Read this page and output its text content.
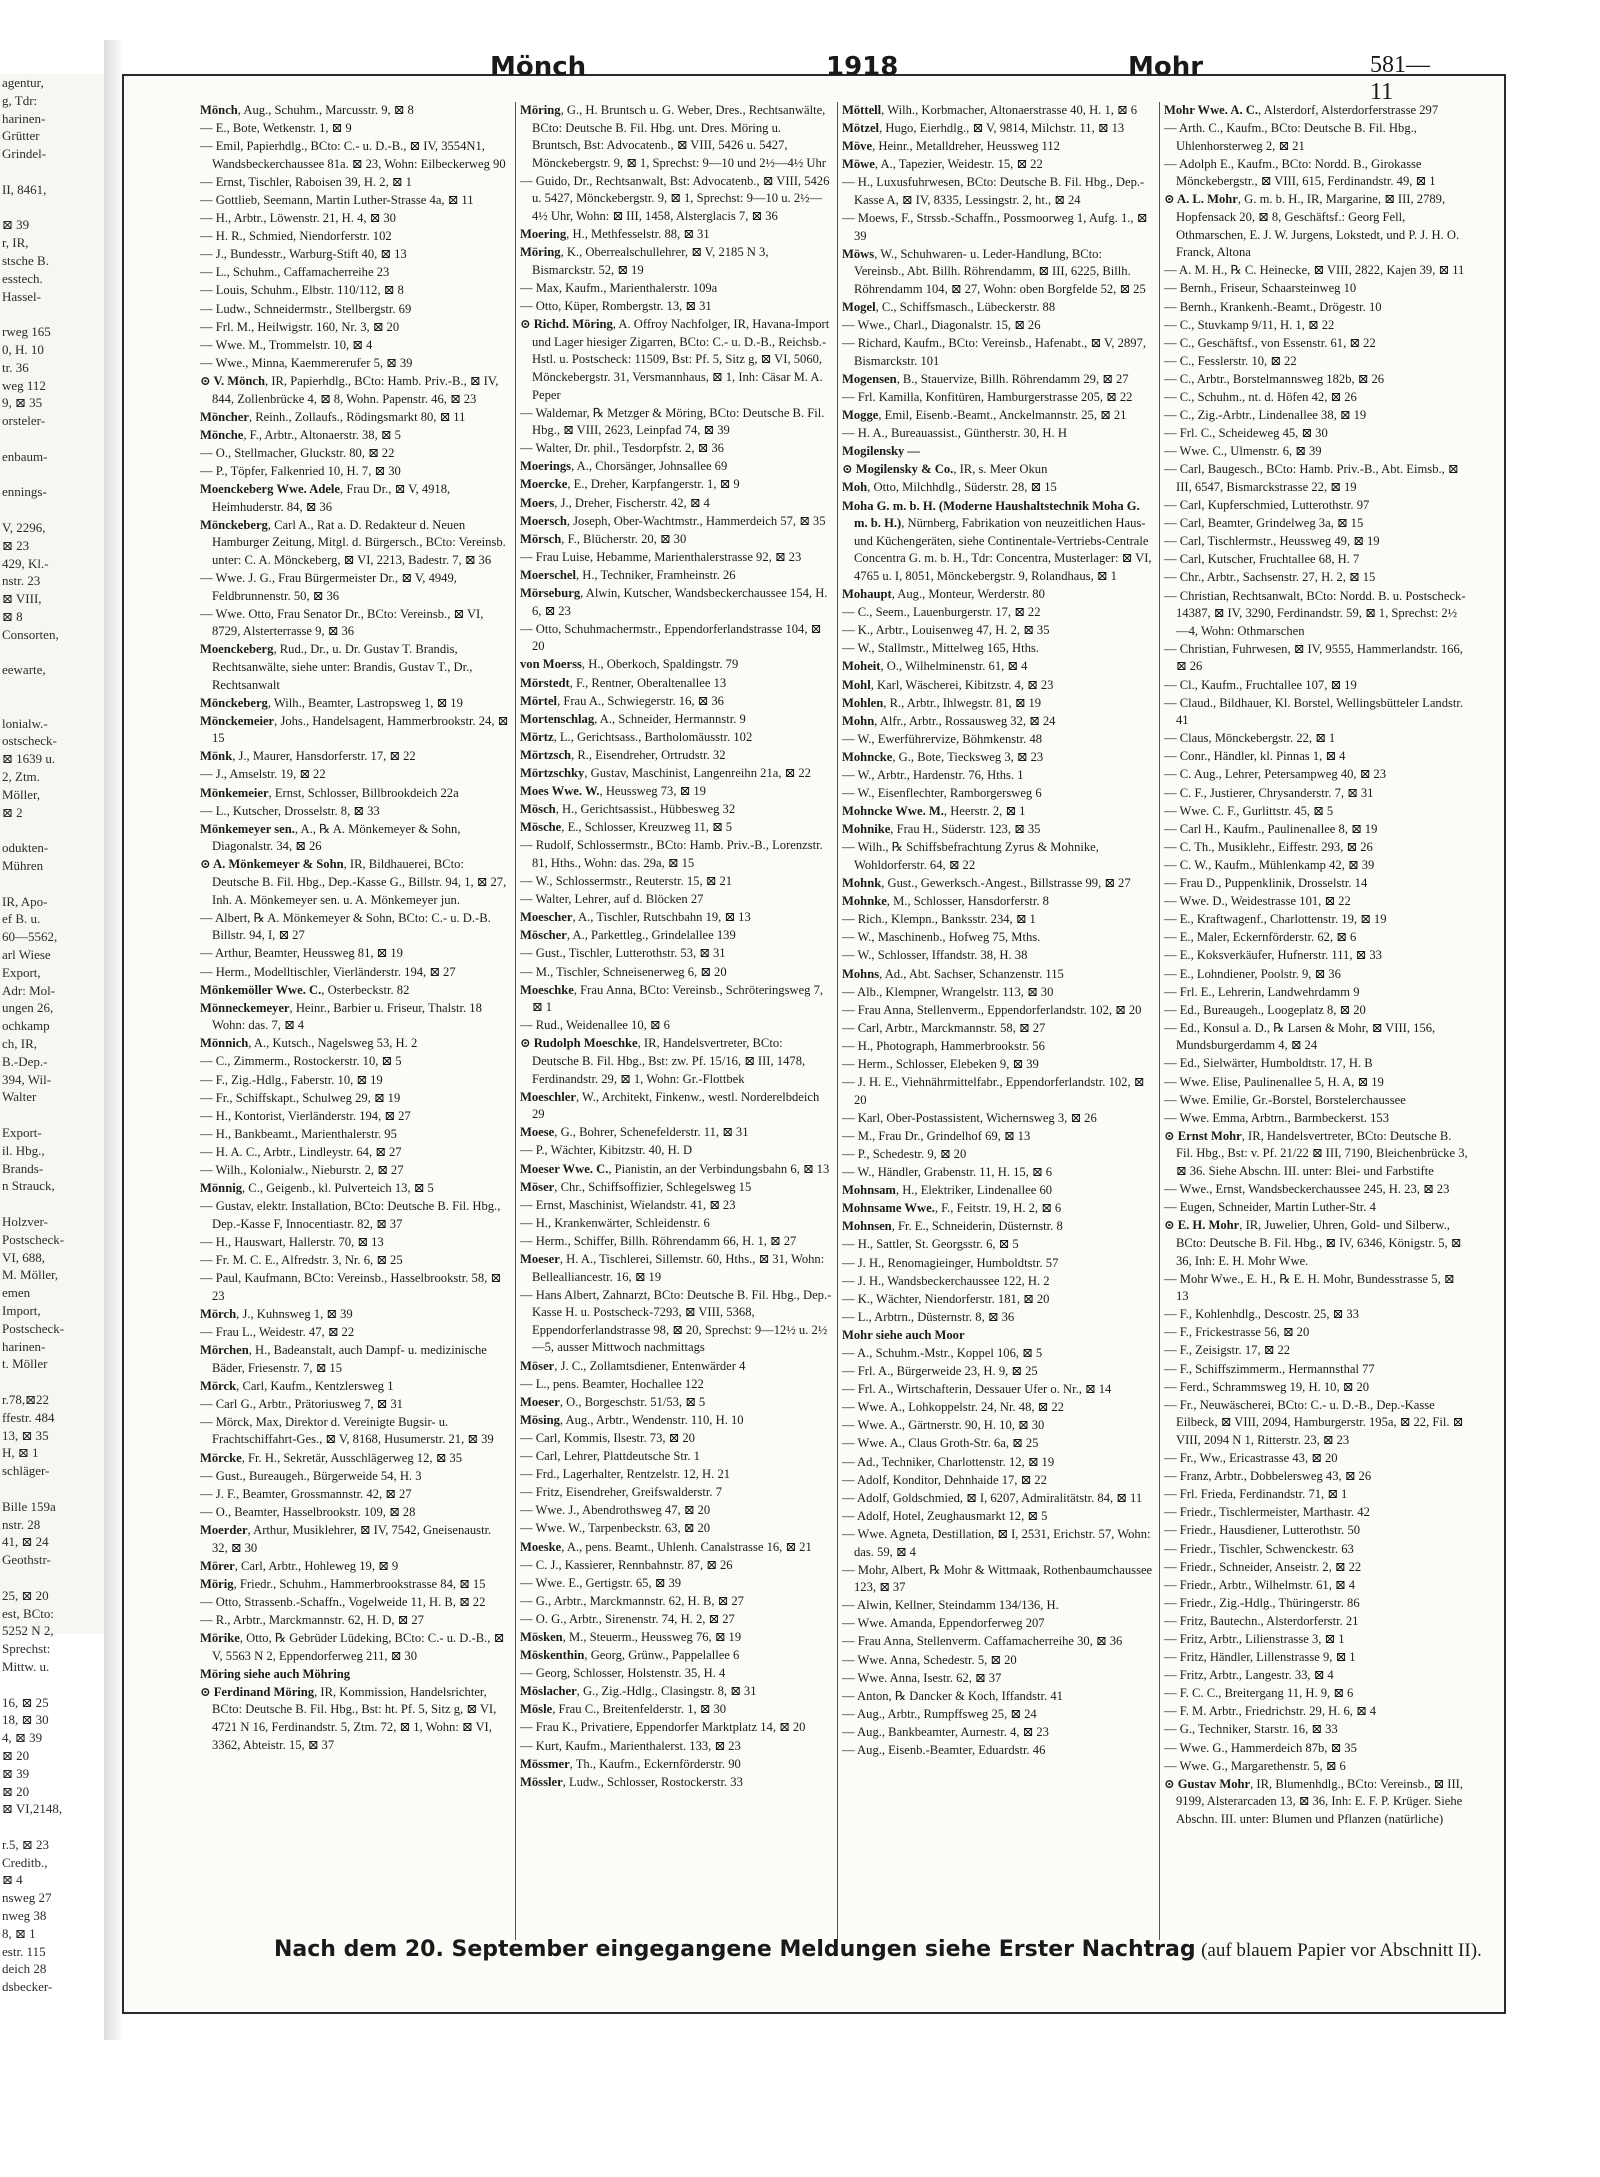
agentur,
g, Tdr:
harinen-
Grütter
Grindel-

II, 8461,

⊠ 39
r, IR,
stsche B.
esstech.
Hassel-

rweg 165
0, H. 10
tr. 36
weg 112
9, ⊠ 35
orsteler-

enbaum-

ennings-

V, 2296,
⊠ 23
429, Kl.-
nstr. 23
⊠ VIII,
⊠ 8
Consorten,

eewarte,

lonialw.-
ostscheck-
⊠ 1639 u.
2, Ztm.
Möller,
⊠ 2

odukten-
Mühren

IR, Apo-
ef B. u.
60—5562,
arl Wiese
Export,
Adr: Mol-
ungen 26,
ochkamp
ch, IR,
B.-Dep.-
394, Wil-
Walter

Export-
il. Hbg.,
Brands-
n Strauck,

Holzver-
Postscheck-
VI, 688,
M. Möller,
emen
Import,
Postscheck-
harinen-
t. Möller

r.78,⊠22
ffestr. 484
13, ⊠ 35
H, ⊠ 1
schläger-

Bille 159a
nstr. 28
41, ⊠ 24
Geothstr-

25, ⊠ 20
est, BCto:
5252 N 2,
Sprechst:
Mittw. u.

16, ⊠ 25
18, ⊠ 30
4, ⊠ 39
⊠ 20
⊠ 39
⊠ 20
⊠ VI,2148,

r.5, ⊠ 23
Creditb.,
⊠ 4
nsweg 27
nweg 38
8, ⊠ 1
estr. 115
deich 28
dsbecker-
Mönch	1918	Mohr	581—11
Mönch, Aug., Schuhm., Marcusstr. 9, ⊠ 8
— E., Bote, Wetkenstr. 1, ⊠ 9
— Emil, Papierhdlg., BCto: C.- u. D.-B., ⊠ IV, 3554N1, Wandsbeckerchaussee 81a. ⊠ 23, Wohn: Eilbeckerweg 90
— Ernst, Tischler, Raboisen 39, H. 2, ⊠ 1
— Gottlieb, Seemann, Martin Luther-Strasse 4a, ⊠ 11
— H., Arbtr., Löwenstr. 21, H. 4, ⊠ 30
— H. R., Schmied, Niendorferstr. 102
— J., Bundesstr., Warburg-Stift 40, ⊠ 13
— L., Schuhm., Caffamacherreihe 23
— Louis, Schuhm., Elbstr. 110/112, ⊠ 8
— Ludw., Schneidermstr., Stellbergstr. 69
— Frl. M., Heilwigstr. 160, Nr. 3, ⊠ 20
— Wwe. M., Trommelstr. 10, ⊠ 4
— Wwe., Minna, Kaemmererufer 5, ⊠ 39
⊙ V. Mönch, IR, Papierhdlg., BCto: Hamb. Priv.-B., ⊠ IV, 844, Zollenbrücke 4, ⊠ 8, Wohn. Papenstr. 46, ⊠ 23
Möncher, Reinh., Zollaufs., Rödingsmarkt 80, ⊠ 11
Mönche, F., Arbtr., Altonaerstr. 38, ⊠ 5
— O., Stellmacher, Gluckstr. 80, ⊠ 22
— P., Töpfer, Falkenried 10, H. 7, ⊠ 30
Moenckeberg Wwe. Adele, Frau Dr., ⊠ V, 4918, Heimhuderstr. 84, ⊠ 36
Mönckeberg, Carl A., Rat a. D. Redakteur d. Neuen Hamburger Zeitung, Mitgl. d. Bürgersch., BCto: Vereinsb. unter: C. A. Mönckeberg, ⊠ VI, 2213, Badestr. 7, ⊠ 36
— Wwe. J. G., Frau Bürgermeister Dr., ⊠ V, 4949, Feldbrunnenstr. 50, ⊠ 36
— Wwe. Otto, Frau Senator Dr., BCto: Vereinsb., ⊠ VI, 8729, Alsterterrasse 9, ⊠ 36
Moenckeberg, Rud., Dr., u. Dr. Gustav T. Brandis, Rechtsanwälte, siehe unter: Brandis, Gustav T., Dr., Rechtsanwalt
Mönckeberg, Wilh., Beamter, Lastropsweg 1, ⊠ 19
Mönckemeier, Johs., Handelsagent, Hammerbrookstr. 24, ⊠ 15
Mönk, J., Maurer, Hansdorferstr. 17, ⊠ 22
— J., Amselstr. 19, ⊠ 22
Mönkemeier, Ernst, Schlosser, Billbrookdeich 22a
— L., Kutscher, Drosselstr. 8, ⊠ 33
Mönkemeyer sen., A., ℞ A. Mönkemeyer & Sohn, Diagonalstr. 34, ⊠ 26
⊙ A. Mönkemeyer & Sohn, IR, Bildhauerei, BCto: Deutsche B. Fil. Hbg., Dep.-Kasse G., Billstr. 94, 1, ⊠ 27, Inh. A. Mönkemeyer sen. u. A. Mönkemeyer jun.
— Albert, ℞ A. Mönkemeyer & Sohn, BCto: C.- u. D.-B. Billstr. 94, I, ⊠ 27
— Arthur, Beamter, Heussweg 81, ⊠ 19
— Herm., Modelltischler, Vierländerstr. 194, ⊠ 27
Mönkemöller Wwe. C., Osterbeckstr. 82
Mönneckemeyer, Heinr., Barbier u. Friseur, Thalstr. 18 Wohn: das. 7, ⊠ 4
Mönnich, A., Kutsch., Nagelsweg 53, H. 2
— C., Zimmerm., Rostockerstr. 10, ⊠ 5
— F., Zig.-Hdlg., Faberstr. 10, ⊠ 19
— Fr., Schiffskapt., Schulweg 29, ⊠ 19
— H., Kontorist, Vierländerstr. 194, ⊠ 27
— H., Bankbeamt., Marienthalerstr. 95
— H. A. C., Arbtr., Lindleystr. 64, ⊠ 27
— Wilh., Kolonialw., Nieburstr. 2, ⊠ 27
Mönnig, C., Geigenb., kl. Pulverteich 13, ⊠ 5
— Gustav, elektr. Installation, BCto: Deutsche B. Fil. Hbg., Dep.-Kasse F, Innocentiastr. 82, ⊠ 37
— H., Hauswart, Hallerstr. 70, ⊠ 13
— Fr. M. C. E., Alfredstr. 3, Nr. 6, ⊠ 25
— Paul, Kaufmann, BCto: Vereinsb., Hasselbrookstr. 58, ⊠ 23
Mörch, J., Kuhnsweg 1, ⊠ 39
— Frau L., Weidestr. 47, ⊠ 22
Mörchen, H., Badeanstalt, auch Dampf- u. medizinische Bäder, Friesenstr. 7, ⊠ 15
Mörck, Carl, Kaufm., Kentzlersweg 1
— Carl G., Arbtr., Prätoriusweg 7, ⊠ 31
— Mörck, Max, Direktor d. Vereinigte Bugsir- u. Frachtschiffahrt-Ges., ⊠ V, 8168, Husumerstr. 21, ⊠ 39
Mörcke, Fr. H., Sekretär, Ausschlägerweg 12, ⊠ 35
— Gust., Bureaugeh., Bürgerweide 54, H. 3
— J. F., Beamter, Grossmannstr. 42, ⊠ 27
— O., Beamter, Hasselbrookstr. 109, ⊠ 28
Moerder, Arthur, Musiklehrer, ⊠ IV, 7542, Gneisenaustr. 32, ⊠ 30
Mörer, Carl, Arbtr., Hohleweg 19, ⊠ 9
Mörig, Friedr., Schuhm., Hammerbrookstrasse 84, ⊠ 15
— Otto, Strassenb.-Schaffn., Vogelweide 11, H. B, ⊠ 22
— R., Arbtr., Marckmannstr. 62, H. D, ⊠ 27
Mörike, Otto, ℞ Gebrüder Lüdeking, BCto: C.- u. D.-B., ⊠ V, 5563 N 2, Eppendorferweg 211, ⊠ 30
Möring siehe auch Möhring
⊙ Ferdinand Möring, IR, Kommission, Handelsrichter, BCto: Deutsche B. Fil. Hbg., Bst: ht. Pf. 5, Sitz g, ⊠ VI, 4721 N 16, Ferdinandstr. 5, Ztm. 72, ⊠ 1, Wohn: ⊠ VI, 3362, Abteistr. 15, ⊠ 37
Möring, G., H. Bruntsch u. G. Weber, Dres., Rechtsanwälte, BCto: Deutsche B. Fil. Hbg. unt. Dres. Möring u. Bruntsch, Bst: Advocatenb., ⊠ VIII, 5426 u. 5427, Mönckebergstr. 9, ⊠ 1, Sprechst: 9—10 und 2½—4½ Uhr
— Guido, Dr., Rechtsanwalt, Bst: Advocatenb., ⊠ VIII, 5426 u. 5427, Mönckebergstr. 9, ⊠ 1, Sprechst: 9—10 u. 2½—4½ Uhr, Wohn: ⊠ III, 1458, Alsterglacis 7, ⊠ 36
Moering, H., Methfesselstr. 88, ⊠ 31
Möring, K., Oberrealschullehrer, ⊠ V, 2185 N 3, Bismarckstr. 52, ⊠ 19
— Max, Kaufm., Marienthalerstr. 109a
— Otto, Küper, Rombergstr. 13, ⊠ 31
⊙ Richd. Möring, A. Offroy Nachfolger, IR, Havana-Import und Lager hiesiger Zigarren, BCto: C.- u. D.-B., Reichsb.-Hstl. u. Postscheck: 11509, Bst: Pf. 5, Sitz g, ⊠ VI, 5060, Mönckebergstr. 31, Versmannhaus, ⊠ 1, Inh: Cäsar M. A. Peper
— Waldemar, ℞ Metzger & Möring, BCto: Deutsche B. Fil. Hbg., ⊠ VIII, 2623, Leinpfad 74, ⊠ 39
— Walter, Dr. phil., Tesdorpfstr. 2, ⊠ 36
Moerings, A., Chorsänger, Johnsallee 69
Moercke, E., Dreher, Karpfangerstr. 1, ⊠ 9
Moers, J., Dreher, Fischerstr. 42, ⊠ 4
Moersch, Joseph, Ober-Wachtmstr., Hammerdeich 57, ⊠ 35
Mörsch, F., Blücherstr. 20, ⊠ 30
— Frau Luise, Hebamme, Marienthalerstrasse 92, ⊠ 23
Moerschel, H., Techniker, Framheinstr. 26
Mörseburg, Alwin, Kutscher, Wandsbeckerchaussee 154, H. 6, ⊠ 23
— Otto, Schuhmachermstr., Eppendorferlandstrasse 104, ⊠ 20
von Moerss, H., Oberkoch, Spaldingstr. 79
Mörstedt, F., Rentner, Oberaltenallee 13
Mörtel, Frau A., Schwiegerstr. 16, ⊠ 36
Mortenschlag, A., Schneider, Hermannstr. 9
Mörtz, L., Gerichtsass., Bartholomäusstr. 102
Mörtzsch, R., Eisendreher, Ortrudstr. 32
Mörtzschky, Gustav, Maschinist, Langenreihn 21a, ⊠ 22
Moes Wwe. W., Heussweg 73, ⊠ 19
Mösch, H., Gerichtsassist., Hübbesweg 32
Mösche, E., Schlosser, Kreuzweg 11, ⊠ 5
— Rudolf, Schlossermstr., BCto: Hamb. Priv.-B., Lorenzstr. 81, Hths., Wohn: das. 29a, ⊠ 15
— W., Schlossermstr., Reuterstr. 15, ⊠ 21
— Walter, Lehrer, auf d. Blöcken 27
Moescher, A., Tischler, Rutschbahn 19, ⊠ 13
Möscher, A., Parkettleg., Grindelallee 139
— Gust., Tischler, Lutterothstr. 53, ⊠ 31
— M., Tischler, Schneisenerweg 6, ⊠ 20
Moeschke, Frau Anna, BCto: Vereinsb., Schröteringsweg 7, ⊠ 1
— Rud., Weidenallee 10, ⊠ 6
⊙ Rudolph Moeschke, IR, Handelsvertreter, BCto: Deutsche B. Fil. Hbg., Bst: zw. Pf. 15/16, ⊠ III, 1478, Ferdinandstr. 29, ⊠ 1, Wohn: Gr.-Flottbek
Moeschler, W., Architekt, Finkenw., westl. Norderelbdeich 29
Moese, G., Bohrer, Schenefelderstr. 11, ⊠ 31
— P., Wächter, Kibitzstr. 40, H. D
Moeser Wwe. C., Pianistin, an der Verbindungsbahn 6, ⊠ 13
Möser, Chr., Schiffsoffizier, Schlegelsweg 15
— Ernst, Maschinist, Wielandstr. 41, ⊠ 23
— H., Krankenwärter, Schleidenstr. 6
— Herm., Schiffer, Billh. Röhrendamm 66, H. 1, ⊠ 27
Moeser, H. A., Tischlerei, Sillemstr. 60, Hths., ⊠ 31, Wohn: Bellealliancestr. 16, ⊠ 19
— Hans Albert, Zahnarzt, BCto: Deutsche B. Fil. Hbg., Dep.-Kasse H. u. Postscheck-7293, ⊠ VIII, 5368, Eppendorferlandstrasse 98, ⊠ 20, Sprechst: 9—12½ u. 2½—5, ausser Mittwoch nachmittags
Möser, J. C., Zollamtsdiener, Entenwärder 4
— L., pens. Beamter, Hochallee 122
Moeser, O., Borgeschstr. 51/53, ⊠ 5
Mösing, Aug., Arbtr., Wendenstr. 110, H. 10
— Carl, Kommis, Ilsestr. 73, ⊠ 20
— Carl, Lehrer, Plattdeutsche Str. 1
— Frd., Lagerhalter, Rentzelstr. 12, H. 21
— Fritz, Eisendreher, Greifswalderstr. 7
— Wwe. J., Abendrothsweg 47, ⊠ 20
— Wwe. W., Tarpenbeckstr. 63, ⊠ 20
Moeske, A., pens. Beamt., Uhlenh. Canalstrasse 16, ⊠ 21
— C. J., Kassierer, Rennbahnstr. 87, ⊠ 26
— Wwe. E., Gertigstr. 65, ⊠ 39
— G., Arbtr., Marckmannstr. 62, H. B, ⊠ 27
— O. G., Arbtr., Sirenenstr. 74, H. 2, ⊠ 27
Mösken, M., Steuerm., Heussweg 76, ⊠ 19
Möskenthin, Georg, Grünw., Pappelallee 6
— Georg, Schlosser, Holstenstr. 35, H. 4
Möslacher, G., Zig.-Hdlg., Clasingstr. 8, ⊠ 31
Mösle, Frau C., Breitenfelderstr. 1, ⊠ 30
— Frau K., Privatiere, Eppendorfer Marktplatz 14, ⊠ 20
— Kurt, Kaufm., Marienthalerst. 133, ⊠ 23
Mössmer, Th., Kaufm., Eckernförderstr. 90
Mössler, Ludw., Schlosser, Rostockerstr. 33
Möttell, Wilh., Korbmacher, Altonaerstrasse 40, H. 1, ⊠ 6
Mötzel, Hugo, Eierhdlg., ⊠ V, 9814, Milchstr. 11, ⊠ 13
Möve, Heinr., Metalldreher, Heussweg 112
Möwe, A., Tapezier, Weidestr. 15, ⊠ 22
— H., Luxusfuhrwesen, BCto: Deutsche B. Fil. Hbg., Dep.-Kasse A, ⊠ IV, 8335, Lessingstr. 2, ht., ⊠ 24
— Moews, F., Strssb.-Schaffn., Possmoorweg 1, Aufg. 1., ⊠ 39
Möws, W., Schuhwaren- u. Leder-Handlung, BCto: Vereinsb., Abt. Billh. Röhrendamm, ⊠ III, 6225, Billh. Röhrendamm 104, ⊠ 27, Wohn: oben Borgfelde 52, ⊠ 25
Mogel, C., Schiffsmasch., Lübeckerstr. 88
— Wwe., Charl., Diagonalstr. 15, ⊠ 26
— Richard, Kaufm., BCto: Vereinsb., Hafenabt., ⊠ V, 2897, Bismarckstr. 101
Mogensen, B., Stauervize, Billh. Röhrendamm 29, ⊠ 27
— Frl. Kamilla, Konfitüren, Hamburgerstrasse 205, ⊠ 22
Mogge, Emil, Eisenb.-Beamt., Anckelmannstr. 25, ⊠ 21
— H. A., Bureauassist., Güntherstr. 30, H. H
Mogilensky —
⊙ Mogilensky & Co., IR, s. Meer Okun
Moh, Otto, Milchhdlg., Süderstr. 28, ⊠ 15
Moha G. m. b. H. (Moderne Haushaltstechnik Moha G. m. b. H.), Nürnberg, Fabrikation von neuzeitlichen Haus- und Küchengeräten, siehe Continentale-Vertriebs-Centrale Concentra G. m. b. H., Tdr: Concentra, Musterlager: ⊠ VI, 4765 u. I, 8051, Mönckebergstr. 9, Rolandhaus, ⊠ 1
Mohaupt, Aug., Monteur, Werderstr. 80
— C., Seem., Lauenburgerstr. 17, ⊠ 22
— K., Arbtr., Louisenweg 47, H. 2, ⊠ 35
— W., Stallmstr., Mittelweg 165, Hths.
Moheit, O., Wilhelminenstr. 61, ⊠ 4
Mohl, Karl, Wäscherei, Kibitzstr. 4, ⊠ 23
Mohlen, R., Arbtr., Ihlwegstr. 81, ⊠ 19
Mohn, Alfr., Arbtr., Rossausweg 32, ⊠ 24
— W., Ewerführervize, Böhmkenstr. 48
Mohncke, G., Bote, Tiecksweg 3, ⊠ 23
— W., Arbtr., Hardenstr. 76, Hths. 1
— W., Eisenflechter, Ramborgersweg 6
Mohncke Wwe. M., Heerstr. 2, ⊠ 1
Mohnike, Frau H., Süderstr. 123, ⊠ 35
— Wilh., ℞ Schiffsbefrachtung Zyrus & Mohnike, Wohldorferstr. 64, ⊠ 22
Mohnk, Gust., Gewerksch.-Angest., Billstrasse 99, ⊠ 27
Mohnke, M., Schlosser, Hansdorferstr. 8
— Rich., Klempn., Banksstr. 234, ⊠ 1
— W., Maschinenb., Hofweg 75, Mths.
— W., Schlosser, Iffandstr. 38, H. 38
Mohns, Ad., Abt. Sachser, Schanzenstr. 115
— Alb., Klempner, Wrangelstr. 113, ⊠ 30
— Frau Anna, Stellenverm., Eppendorferlandstr. 102, ⊠ 20
— Carl, Arbtr., Marckmannstr. 58, ⊠ 27
— H., Photograph, Hammerbrookstr. 56
— Herm., Schlosser, Elebeken 9, ⊠ 39
— J. H. E., Viehnährmittelfabr., Eppendorferlandstr. 102, ⊠ 20
— Karl, Ober-Postassistent, Wichernsweg 3, ⊠ 26
— M., Frau Dr., Grindelhof 69, ⊠ 13
— P., Schedestr. 9, ⊠ 20
— W., Händler, Grabenstr. 11, H. 15, ⊠ 6
Mohnsam, H., Elektriker, Lindenallee 60
Mohnsame Wwe., F., Feitstr. 19, H. 2, ⊠ 6
Mohnsen, Fr. E., Schneiderin, Düsternstr. 8
— H., Sattler, St. Georgsstr. 6, ⊠ 5
— J. H., Renomagieinger, Humboldtstr. 57
— J. H., Wandsbeckerchaussee 122, H. 2
— K., Wächter, Niendorferstr. 181, ⊠ 20
— L., Arbtrn., Düsternstr. 8, ⊠ 36
Mohr siehe auch Moor
— A., Schuhm.-Mstr., Koppel 106, ⊠ 5
— Frl. A., Bürgerweide 23, H. 9, ⊠ 25
— Frl. A., Wirtschafterin, Dessauer Ufer o. Nr., ⊠ 14
— Wwe. A., Lohkoppelstr. 24, Nr. 48, ⊠ 22
— Wwe. A., Gärtnerstr. 90, H. 10, ⊠ 30
— Wwe. A., Claus Groth-Str. 6a, ⊠ 25
— Ad., Techniker, Charlottenstr. 12, ⊠ 19
— Adolf, Konditor, Dehnhaide 17, ⊠ 22
— Adolf, Goldschmied, ⊠ I, 6207, Admiralitätstr. 84, ⊠ 11
— Adolf, Hotel, Zeughausmarkt 12, ⊠ 5
— Wwe. Agneta, Destillation, ⊠ I, 2531, Erichstr. 57, Wohn: das. 59, ⊠ 4
— Mohr, Albert, ℞ Mohr & Wittmaak, Rothenbaumchaussee 123, ⊠ 37
— Alwin, Kellner, Steindamm 134/136, H.
— Wwe. Amanda, Eppendorferweg 207
— Frau Anna, Stellenverm. Caffamacherreihe 30, ⊠ 36
— Wwe. Anna, Schedestr. 5, ⊠ 20
— Wwe. Anna, Isestr. 62, ⊠ 37
— Anton, ℞ Dancker & Koch, Iffandstr. 41
— Aug., Arbtr., Rumpffsweg 25, ⊠ 24
— Aug., Bankbeamter, Aurnestr. 4, ⊠ 23
— Aug., Eisenb.-Beamter, Eduardstr. 46
Mohr Wwe. A. C., Alsterdorf, Alsterdorferstrasse 297
— Arth. C., Kaufm., BCto: Deutsche B. Fil. Hbg., Uhlenhorsterweg 2, ⊠ 21
— Adolph E., Kaufm., BCto: Nordd. B., Girokasse Mönckebergstr., ⊠ VIII, 615, Ferdinandstr. 49, ⊠ 1
⊙ A. L. Mohr, G. m. b. H., IR, Margarine, ⊠ III, 2789, Hopfensack 20, ⊠ 8, Geschäftsf.: Georg Fell, Othmarschen, E. J. W. Jurgens, Lokstedt, und P. J. H. O. Franck, Altona
— A. M. H., ℞ C. Heinecke, ⊠ VIII, 2822, Kajen 39, ⊠ 11
— Bernh., Friseur, Schaarsteinweg 10
— Bernh., Krankenh.-Beamt., Drögestr. 10
— C., Stuvkamp 9/11, H. 1, ⊠ 22
— C., Geschäftsf., von Essenstr. 61, ⊠ 22
— C., Fesslerstr. 10, ⊠ 22
— C., Arbtr., Borstelmannsweg 182b, ⊠ 26
— C., Schuhm., nt. d. Höfen 42, ⊠ 26
— C., Zig.-Arbtr., Lindenallee 38, ⊠ 19
— Frl. C., Scheideweg 45, ⊠ 30
— Wwe. C., Ulmenstr. 6, ⊠ 39
— Carl, Baugesch., BCto: Hamb. Priv.-B., Abt. Eimsb., ⊠ III, 6547, Bismarckstrasse 22, ⊠ 19
— Carl, Kupferschmied, Lutterothstr. 97
— Carl, Beamter, Grindelweg 3a, ⊠ 15
— Carl, Tischlermstr., Heussweg 49, ⊠ 19
— Carl, Kutscher, Fruchtallee 68, H. 7
— Chr., Arbtr., Sachsenstr. 27, H. 2, ⊠ 15
— Christian, Rechtsanwalt, BCto: Nordd. B. u. Postscheck-14387, ⊠ IV, 3290, Ferdinandstr. 59, ⊠ 1, Sprechst: 2½—4, Wohn: Othmarschen
— Christian, Fuhrwesen, ⊠ IV, 9555, Hammerlandstr. 166, ⊠ 26
— Cl., Kaufm., Fruchtallee 107, ⊠ 19
— Claud., Bildhauer, Kl. Borstel, Wellingsbütteler Landstr. 41
— Claus, Mönckebergstr. 22, ⊠ 1
— Conr., Händler, kl. Pinnas 1, ⊠ 4
— C. Aug., Lehrer, Petersampweg 40, ⊠ 23
— C. F., Justierer, Chrysanderstr. 7, ⊠ 31
— Wwe. C. F., Gurlittstr. 45, ⊠ 5
— Carl H., Kaufm., Paulinenallee 8, ⊠ 19
— C. Th., Musiklehr., Eiffestr. 293, ⊠ 26
— C. W., Kaufm., Mühlenkamp 42, ⊠ 39
— Frau D., Puppenklinik, Drosselstr. 14
— Wwe. D., Weidestrasse 101, ⊠ 22
— E., Kraftwagenf., Charlottenstr. 19, ⊠ 19
— E., Maler, Eckernförderstr. 62, ⊠ 6
— E., Koksverkäufer, Hufnerstr. 111, ⊠ 33
— E., Lohndiener, Poolstr. 9, ⊠ 36
— Frl. E., Lehrerin, Landwehrdamm 9
— Ed., Bureaugeh., Loogeplatz 8, ⊠ 20
— Ed., Konsul a. D., ℞ Larsen & Mohr, ⊠ VIII, 156, Mundsburgerdamm 4, ⊠ 24
— Ed., Sielwärter, Humboldtstr. 17, H. B
— Wwe. Elise, Paulinenallee 5, H. A, ⊠ 19
— Wwe. Emilie, Gr.-Borstel, Borstelerchaussee
— Wwe. Emma, Arbtrn., Barmbeckerst. 153
⊙ Ernst Mohr, IR, Handelsvertreter, BCto: Deutsche B. Fil. Hbg., Bst: v. Pf. 21/22 ⊠ III, 7190, Bleichenbrücke 3, ⊠ 36. Siehe Abschn. III. unter: Blei- und Farbstifte
— Wwe., Ernst, Wandsbeckerchaussee 245, H. 23, ⊠ 23
— Eugen, Schneider, Martin Luther-Str. 4
⊙ E. H. Mohr, IR, Juwelier, Uhren, Gold- und Silberw., BCto: Deutsche B. Fil. Hbg., ⊠ IV, 6346, Königstr. 5, ⊠ 36, Inh: E. H. Mohr Wwe.
— Mohr Wwe., E. H., ℞ E. H. Mohr, Bundesstrasse 5, ⊠ 13
— F., Kohlenhdlg., Descostr. 25, ⊠ 33
— F., Frickestrasse 56, ⊠ 20
— F., Zeisigstr. 17, ⊠ 22
— F., Schiffszimmerm., Hermannsthal 77
— Ferd., Schrammsweg 19, H. 10, ⊠ 20
— Fr., Neuwäscherei, BCto: C.- u. D.-B., Dep.-Kasse Eilbeck, ⊠ VIII, 2094, Hamburgerstr. 195a, ⊠ 22, Fil. ⊠ VIII, 2094 N 1, Ritterstr. 23, ⊠ 23
— Fr., Ww., Ericastrasse 43, ⊠ 20
— Franz, Arbtr., Dobbelersweg 43, ⊠ 26
— Frl. Frieda, Ferdinandstr. 71, ⊠ 1
— Friedr., Tischlermeister, Marthastr. 42
— Friedr., Hausdiener, Lutterothstr. 50
— Friedr., Tischler, Schwenckestr. 63
— Friedr., Schneider, Anseistr. 2, ⊠ 22
— Friedr., Arbtr., Wilhelmstr. 61, ⊠ 4
— Friedr., Zig.-Hdlg., Thüringerstr. 86
— Fritz, Bautechn., Alsterdorferstr. 21
— Fritz, Arbtr., Lilienstrasse 3, ⊠ 1
— Fritz, Händler, Lillenstrasse 9, ⊠ 1
— Fritz, Arbtr., Langestr. 33, ⊠ 4
— F. C. C., Breitergang 11, H. 9, ⊠ 6
— F. M. Arbtr., Friedrichstr. 29, H. 6, ⊠ 4
— G., Techniker, Starstr. 16, ⊠ 33
— Wwe. G., Hammerdeich 87b, ⊠ 35
— Wwe. G., Margarethenstr. 5, ⊠ 6
⊙ Gustav Mohr, IR, Blumenhdlg., BCto: Vereinsb., ⊠ III, 9199, Alsterarcaden 13, ⊠ 36, Inh: E. F. P. Krüger. Siehe Abschn. III. unter: Blumen und Pflanzen (natürliche)
Nach dem 20. September eingegangene Meldungen siehe Erster Nachtrag (auf blauem Papier vor Abschnitt II).
